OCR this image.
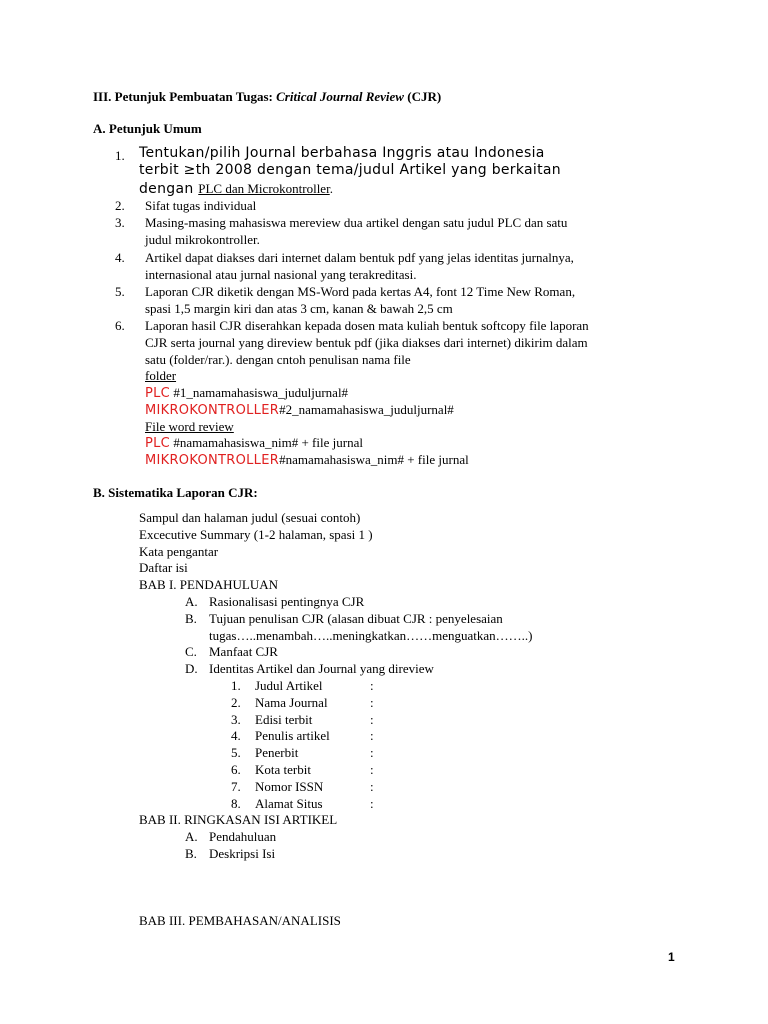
III. Petunjuk Pembuatan Tugas: Critical Journal Review (CJR)
A. Petunjuk Umum
1. Tentukan/pilih Journal berbahasa Inggris atau Indonesia
terbit ≥th 2008 dengan tema/judul Artikel yang berkaitan
dengan PLC dan Microkontroller.
2. Sifat tugas individual
3. Masing-masing mahasiswa mereview dua artikel dengan satu judul PLC dan satu
judul mikrokontroller.
4. Artikel dapat diakses dari internet dalam bentuk pdf yang jelas identitas jurnalnya,
internasional atau jurnal nasional yang terakreditasi.
5. Laporan CJR diketik dengan MS-Word pada kertas A4, font 12 Time New Roman,
spasi 1,5 margin kiri dan atas 3 cm, kanan & bawah 2,5 cm
6. Laporan hasil CJR diserahkan kepada dosen mata kuliah bentuk softcopy file laporan
CJR serta journal yang direview bentuk pdf (jika diakses dari internet) dikirim dalam
satu (folder/rar.). dengan cntoh penulisan nama file
folder
PLC #1_namamahasiswa_juduljurnal#
MIKROKONTROLLER#2_namamahasiswa_juduljurnal#
File word review
PLC #namamahasiswa_nim# + file jurnal
MIKROKONTROLLER#namamahasiswa_nim# + file jurnal
B. Sistematika Laporan CJR:
Sampul dan halaman judul (sesuai contoh)
Excecutive Summary (1-2 halaman, spasi 1 )
Kata pengantar
Daftar isi
BAB I. PENDAHULUAN
A. Rasionalisasi pentingnya CJR
B. Tujuan penulisan CJR (alasan dibuat CJR : penyelesaian
tugas…..menambah…..meningkatkan……menguatkan……..)
C. Manfaat CJR
D. Identitas Artikel dan Journal yang direview
1. Judul Artikel	:
2. Nama Journal	:
3. Edisi terbit	:
4. Penulis artikel	:
5. Penerbit	:
6. Kota terbit	:
7. Nomor ISSN	:
8. Alamat Situs	:
BAB II. RINGKASAN ISI ARTIKEL
A. Pendahuluan
B. Deskripsi Isi
BAB III. PEMBAHASAN/ANALISIS
1
